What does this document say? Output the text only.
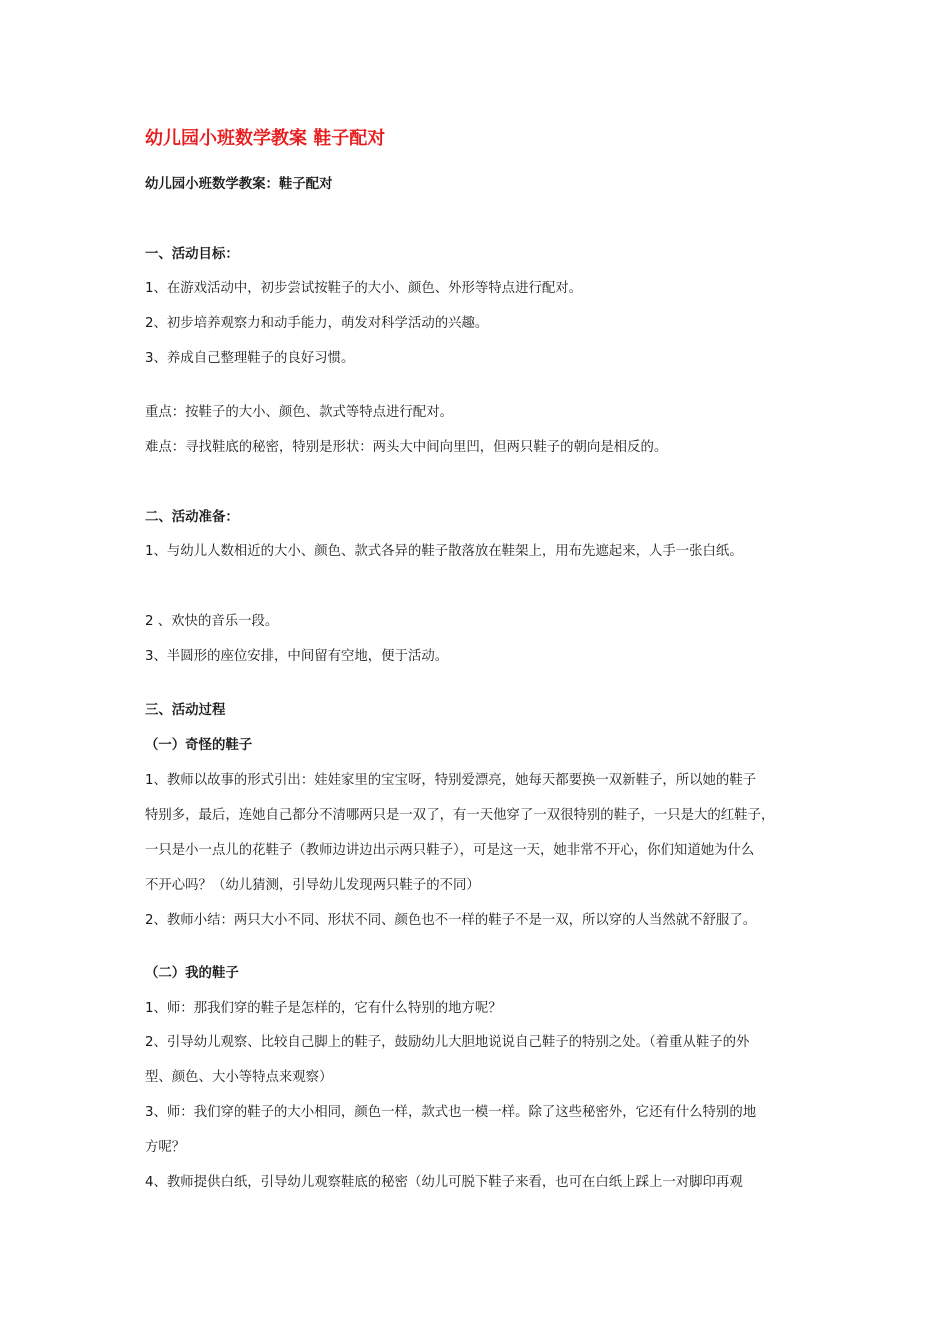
幼儿园小班数学教案 鞋子配对
幼儿园小班数学教案：鞋子配对
一、活动目标：
1、在游戏活动中，初步尝试按鞋子的大小、颜色、外形等特点进行配对。
2、初步培养观察力和动手能力，萌发对科学活动的兴趣。
3、养成自己整理鞋子的良好习惯。
重点：按鞋子的大小、颜色、款式等特点进行配对。
难点：寻找鞋底的秘密，特别是形状：两头大中间向里凹，但两只鞋子的朝向是相反的。
二、活动准备：
1、与幼儿人数相近的大小、颜色、款式各异的鞋子散落放在鞋架上，用布先遮起来，人手一张白纸。
2 、欢快的音乐一段。
3、半圆形的座位安排，中间留有空地，便于活动。
三、活动过程
（一）奇怪的鞋子
1、教师以故事的形式引出：娃娃家里的宝宝呀，特别爱漂亮，她每天都要换一双新鞋子，所以她的鞋子
特别多，最后，连她自己都分不清哪两只是一双了，有一天他穿了一双很特别的鞋子，一只是大的红鞋子，
一只是小一点儿的花鞋子（教师边讲边出示两只鞋子），可是这一天，她非常不开心，你们知道她为什么
不开心吗？（幼儿猜测，引导幼儿发现两只鞋子的不同）
2、教师小结：两只大小不同、形状不同、颜色也不一样的鞋子不是一双，所以穿的人当然就不舒服了。
（二）我的鞋子
1、师：那我们穿的鞋子是怎样的，它有什么特别的地方呢？
2、引导幼儿观察、比较自己脚上的鞋子，鼓励幼儿大胆地说说自己鞋子的特别之处。（着重从鞋子的外
型、颜色、大小等特点来观察）
3、师：我们穿的鞋子的大小相同，颜色一样，款式也一模一样。除了这些秘密外，它还有什么特别的地
方呢？
4、教师提供白纸，引导幼儿观察鞋底的秘密（幼儿可脱下鞋子来看，也可在白纸上踩上一对脚印再观
